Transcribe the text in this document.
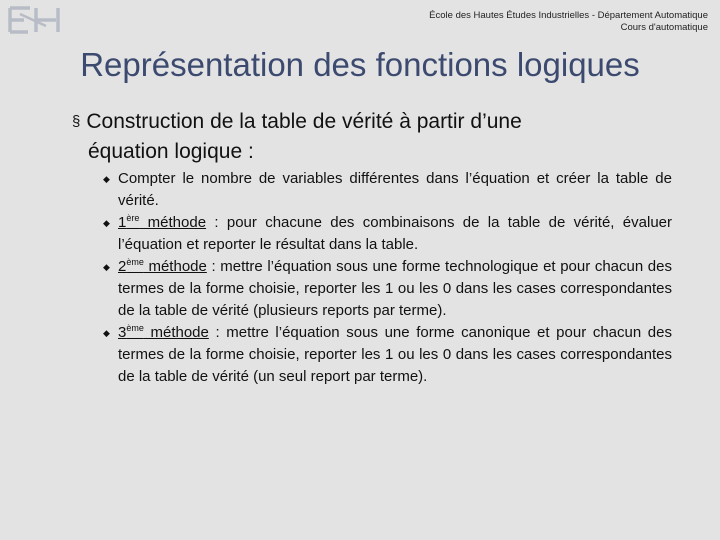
École des Hautes Études Industrielles - Département Automatique
Cours d'automatique
Représentation des fonctions logiques
§ Construction de la table de vérité à partir d’une
équation logique :
◆ Compter le nombre de variables différentes dans l’équation et créer la table de vérité.
◆ 1ère méthode : pour chacune des combinaisons de la table de vérité, évaluer l’équation et reporter le résultat dans la table.
◆ 2ème méthode : mettre l’équation sous une forme technologique et pour chacun des termes de la forme choisie, reporter les 1 ou les 0 dans les cases correspondantes de la table de vérité (plusieurs reports par terme).
◆ 3ème méthode : mettre l’équation sous une forme canonique et pour chacun des termes de la forme choisie, reporter les 1 ou les 0 dans les cases correspondantes de la table de vérité (un seul report par terme).
